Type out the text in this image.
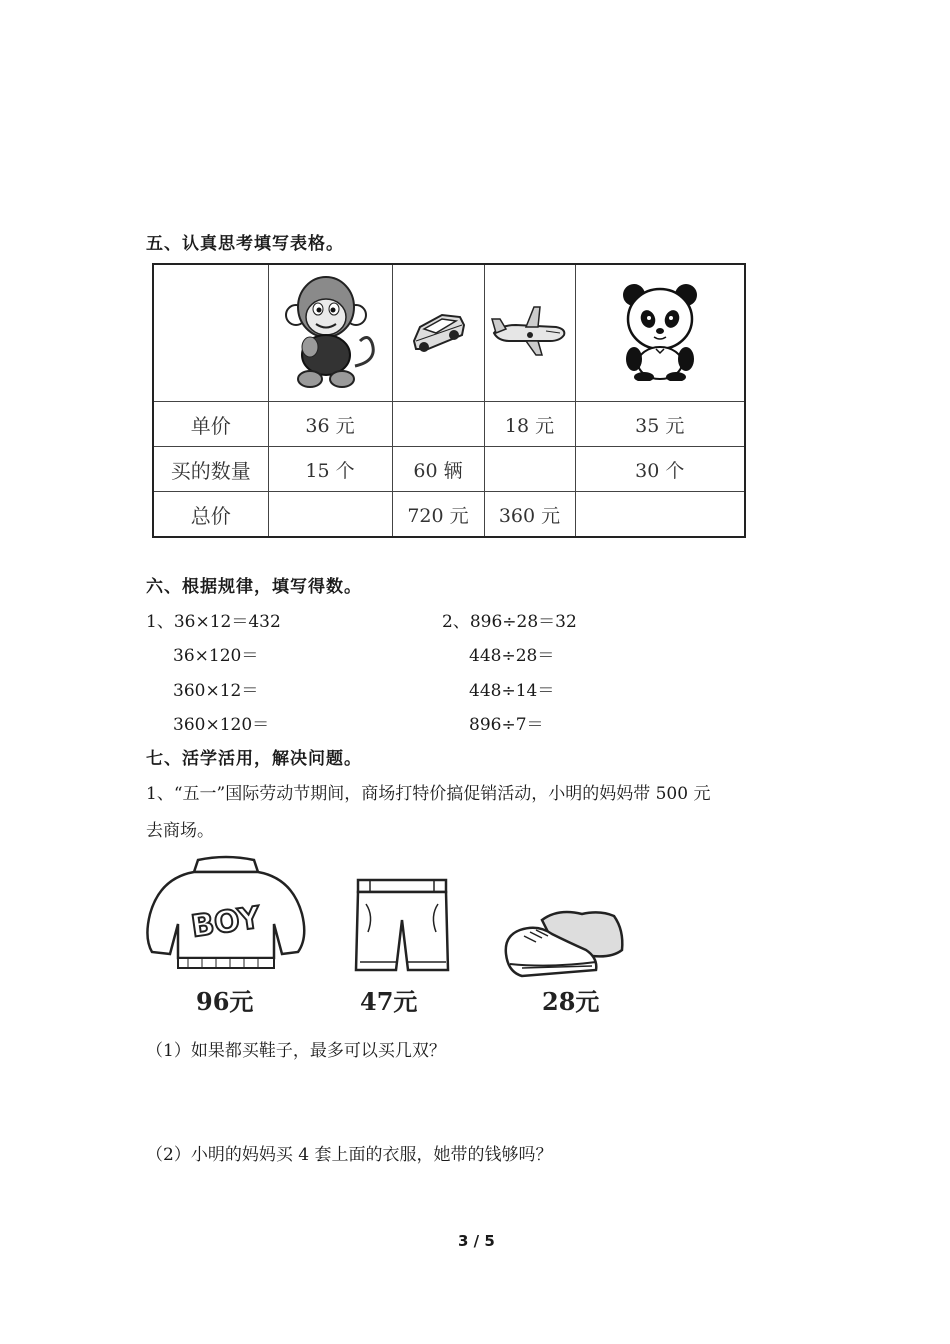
五、认真思考填写表格。

单价	36 元		18 元	35 元
买的数量	15 个	60 辆		30 个
总价		720 元	360 元	
六、根据规律，填写得数。
1、36×12＝432
36×120＝
360×12＝
360×120＝
2、896÷28＝32
448÷28＝
448÷14＝
896÷7＝
七、活学活用，解决问题。
1、“五一”国际劳动节期间，商场打特价搞促销活动，小明的妈妈带 500 元
去商场。
BOY
96元	47元	28元
（1）如果都买鞋子，最多可以买几双？
（2）小明的妈妈买 4 套上面的衣服，她带的钱够吗？
3 / 5
